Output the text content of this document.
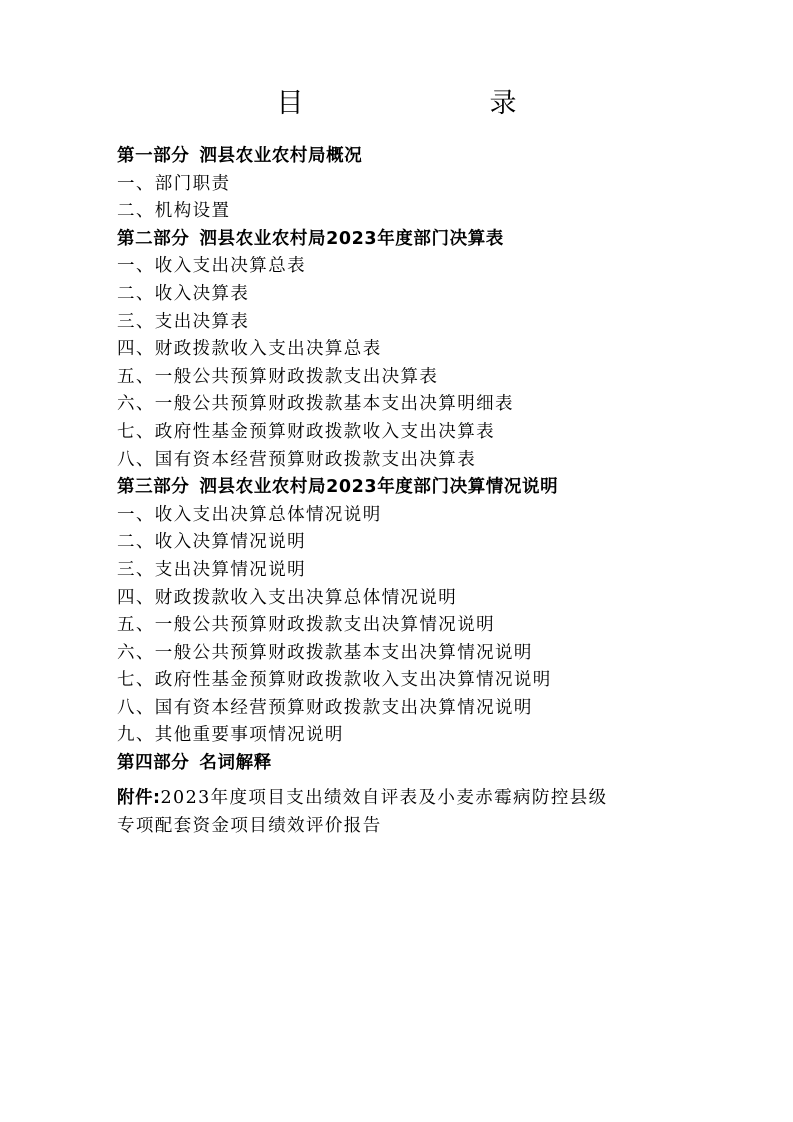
目　　录
第一部分 泗县农业农村局概况
一、部门职责
二、机构设置
第二部分 泗县农业农村局2023年度部门决算表
一、收入支出决算总表
二、收入决算表
三、支出决算表
四、财政拨款收入支出决算总表
五、一般公共预算财政拨款支出决算表
六、一般公共预算财政拨款基本支出决算明细表
七、政府性基金预算财政拨款收入支出决算表
八、国有资本经营预算财政拨款支出决算表
第三部分 泗县农业农村局2023年度部门决算情况说明
一、收入支出决算总体情况说明
二、收入决算情况说明
三、支出决算情况说明
四、财政拨款收入支出决算总体情况说明
五、一般公共预算财政拨款支出决算情况说明
六、一般公共预算财政拨款基本支出决算情况说明
七、政府性基金预算财政拨款收入支出决算情况说明
八、国有资本经营预算财政拨款支出决算情况说明
九、其他重要事项情况说明
第四部分 名词解释
附件:2023年度项目支出绩效自评表及小麦赤霉病防控县级
专项配套资金项目绩效评价报告
